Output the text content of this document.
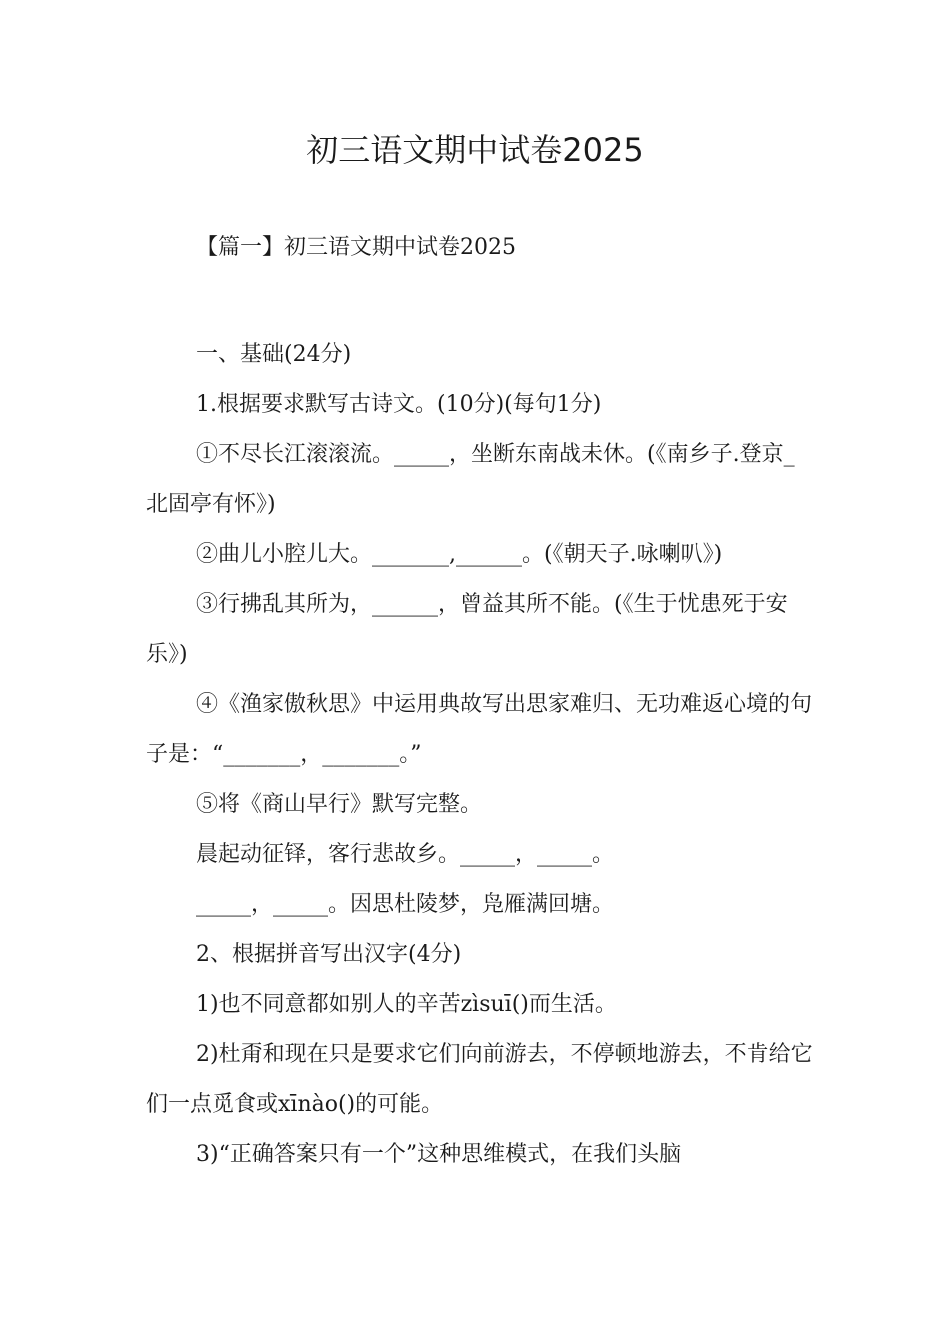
初三语文期中试卷2025
【篇一】初三语文期中试卷2025

一、基础(24分)

1.根据要求默写古诗文。(10分)(每句1分)

①不尽长江滚滚流。_____，坐断东南战未休。(《南乡子.登京_北固亭有怀》)

②曲儿小腔儿大。_______,______。(《朝天子.咏喇叭》)

③行拂乱其所为，______，曾益其所不能。(《生于忧患死于安乐》)

④《渔家傲秋思》中运用典故写出思家难归、无功难返心境的句子是：“_______，_______。”

⑤将《商山早行》默写完整。

晨起动征铎，客行悲故乡。_____，_____。

_____，_____。因思杜陵梦，凫雁满回塘。

2、根据拼音写出汉字(4分)

1)也不同意都如别人的辛苦zìsuī()而生活。

2)杜甭和现在只是要求它们向前游去，不停顿地游去，不肯给它们一点觅食或xīnào()的可能。

3)“正确答案只有一个”这种思维模式，在我们头脑
